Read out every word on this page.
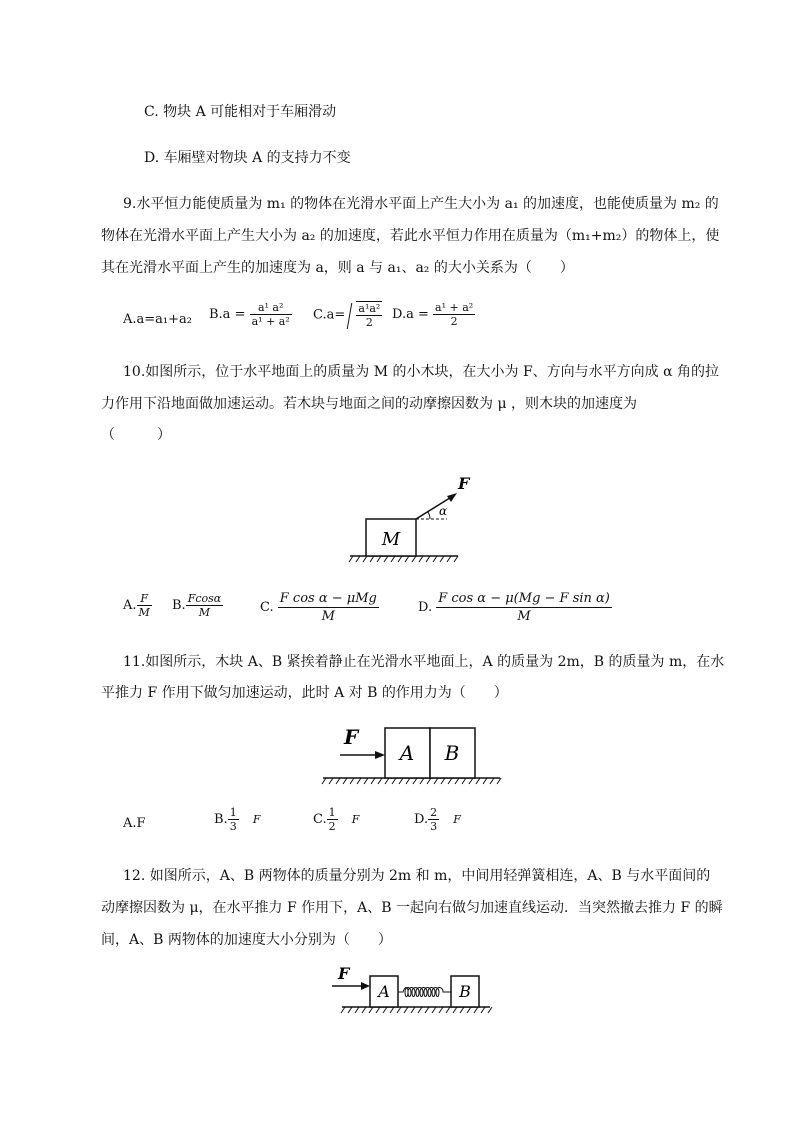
C. 物块 A 可能相对于车厢滑动
D. 车厢壁对物块 A 的支持力不变
9.水平恒力能使质量为 m₁ 的物体在光滑水平面上产生大小为 a₁ 的加速度，也能使质量为 m₂ 的
物体在光滑水平面上产生大小为 a₂ 的加速度，若此水平恒力作用在质量为（m₁+m₂）的物体上，使
其在光滑水平面上产生的加速度为 a，则 a 与 a₁、a₂ 的大小关系为（　　）
A.a=a₁+a₂ $B.a = \frac{\text{a¹ a²}}{\text{a¹ + a²}} C.a= \frac{\text{a¹a²}}{2} D.a = \frac{\text{a¹ + a²}}{2}$
10.如图所示，位于水平地面上的质量为 M 的小木块，在大小为 F、方向与水平方向成 α 角的拉
力作用下沿地面做加速运动。若木块与地面之间的动摩擦因数为 μ ，则木块的加速度为
（　　　）
M
F
α
A. $\frac{F}{M} B$. $\frac{Fcos\alpha}{M}$	C. $\frac{\text{F cos α − μMg}}{M}$	D. $\frac{\text{F cos α − μ(Mg − F sin α)}}{M}$
11.如图所示，木块 A、B 紧挨着静止在光滑水平地面上，A 的质量为 2m，B 的质量为 m，在水
平推力 F 作用下做匀加速运动，此时 A 对 B 的作用力为（　　）
A B
F
A.F	B. $\frac{1}{3}$ F	C. $\frac{1}{2}$ F	D. $\frac{2}{3}$ F
12. 如图所示，A、B 两物体的质量分别为 2m 和 m，中间用轻弹簧相连，A、B 与水平面间的
动摩擦因数为 μ，在水平推力 F 作用下，A、B 一起向右做匀加速直线运动．当突然撤去推力 F 的瞬
间，A、B 两物体的加速度大小分别为（　　）
A	B
F
